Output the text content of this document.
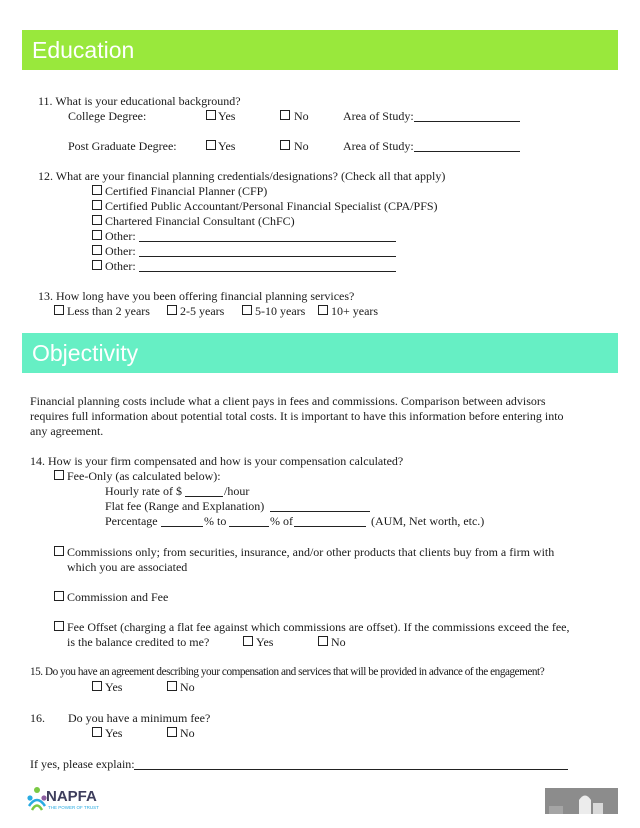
Education
11. What is your educational background?
College Degree:	Yes	No	Area of Study:
Post Graduate Degree:	Yes	No	Area of Study:
12. What are your financial planning credentials/designations? (Check all that apply)
Certified Financial Planner (CFP)
Certified Public Accountant/Personal Financial Specialist (CPA/PFS)
Chartered Financial Consultant (ChFC)
Other:
Other:
Other:
13. How long have you been offering financial planning services?
Less than 2 years	2-5 years	5-10 years 10+ years
Objectivity
Financial planning costs include what a client pays in fees and commissions. Comparison between advisors
requires full information about potential total costs. It is important to have this information before entering into
any agreement.
14. How is your firm compensated and how is your compensation calculated?
Fee-Only (as calculated below):
Hourly rate of $	/hour
Flat fee (Range and Explanation)
Percentage	% to	% of	(AUM, Net worth, etc.)
Commissions only; from securities, insurance, and/or other products that clients buy from a firm with
which you are associated
Commission and Fee
Fee Offset (charging a flat fee against which commissions are offset). If the commissions exceed the fee,
is the balance credited to me?	Yes	No
15. Do you have an agreement describing your compensation and services that will be provided in advance of the engagement?
Yes	No
16. Do you have a minimum fee?
Yes	No
If yes, please explain:
NAPFA
THE POWER OF TRUST
